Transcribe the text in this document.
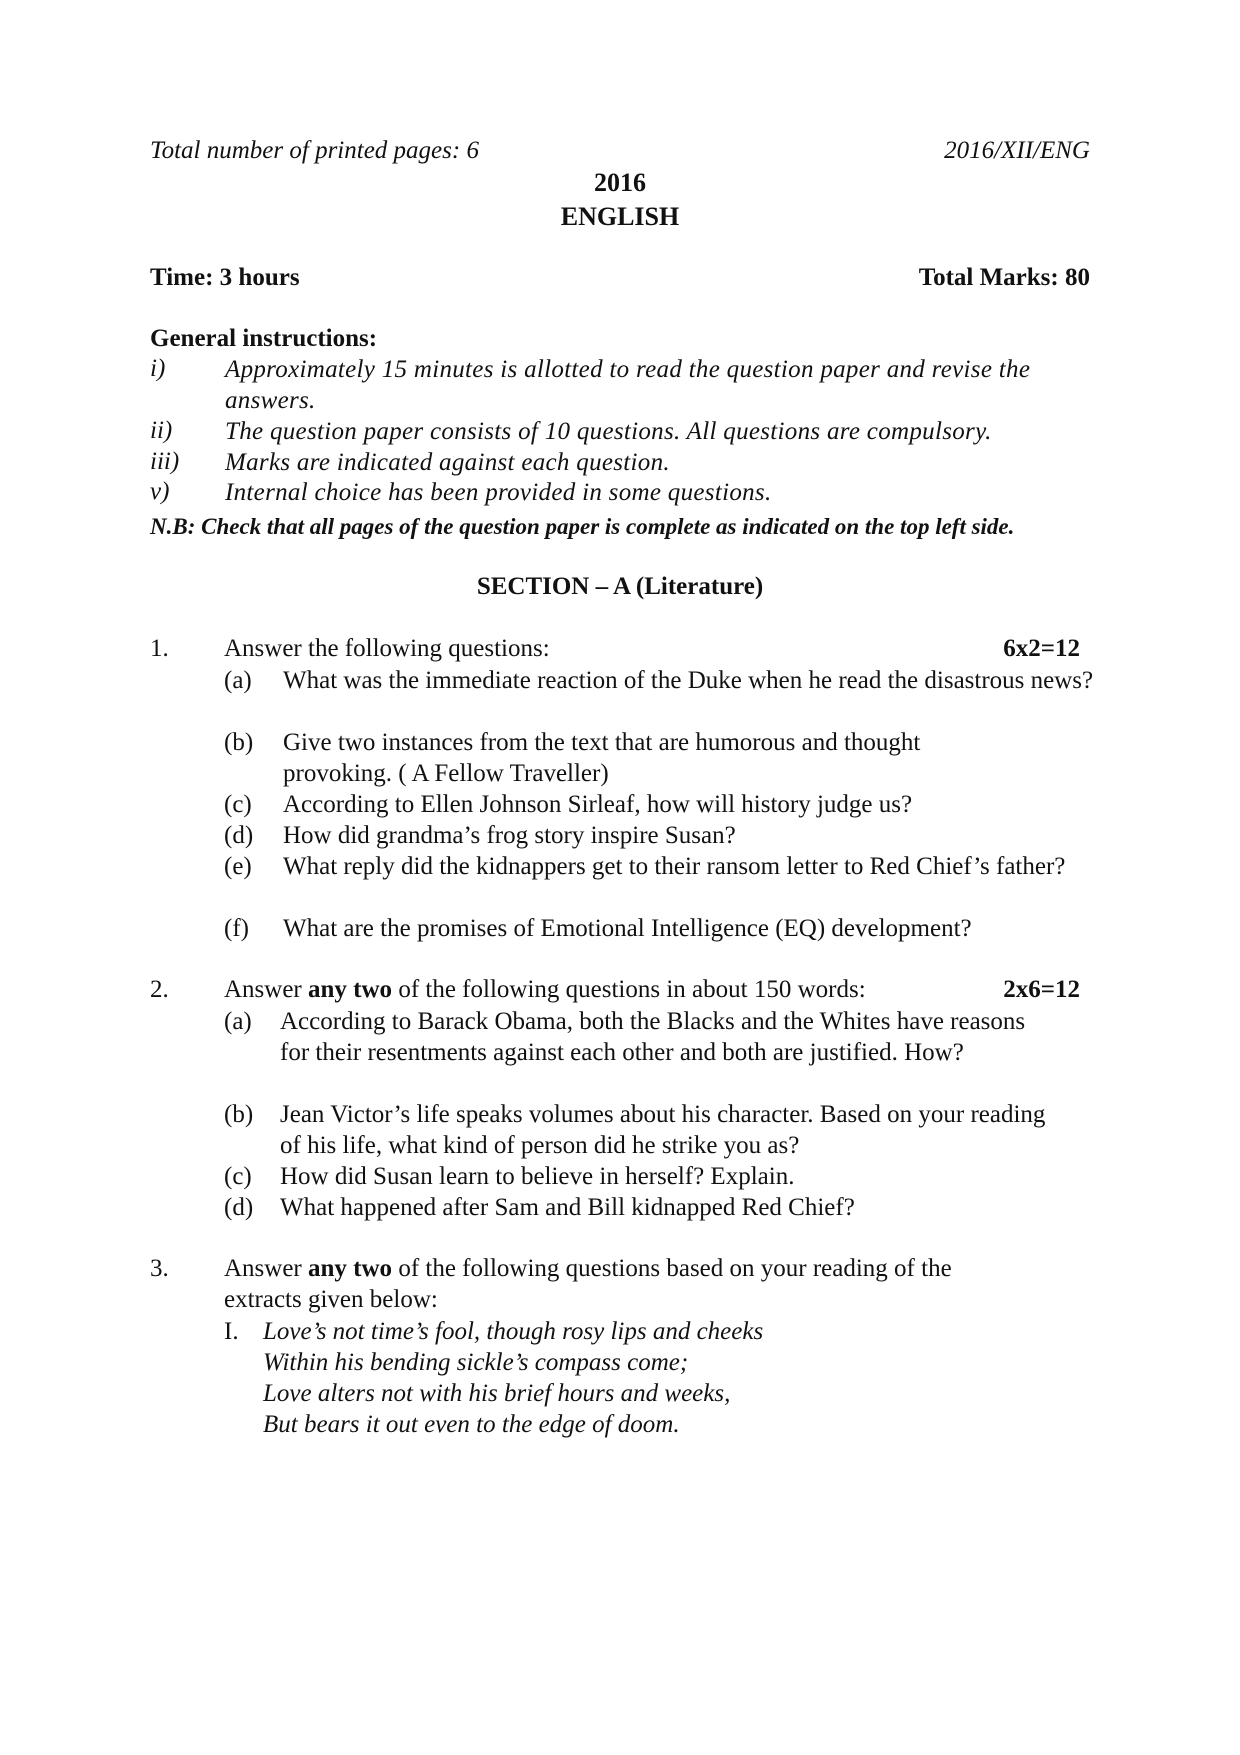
Total number of printed pages: 6	2016/XII/ENG
2016
ENGLISH
Time: 3 hours	Total Marks: 80
General instructions:
i) Approximately 15 minutes is allotted to read the question paper and revise the answers.
ii) The question paper consists of 10 questions. All questions are compulsory.
iii) Marks are indicated against each question.
v) Internal choice has been provided in some questions.
N.B: Check that all pages of the question paper is complete as indicated on the top left side.
SECTION – A (Literature)
1. Answer the following questions:	6x2=12
(a) What was the immediate reaction of the Duke when he read the disastrous news?
(b) Give two instances from the text that are humorous and thought provoking. ( A Fellow Traveller)
(c) According to Ellen Johnson Sirleaf, how will history judge us?
(d) How did grandma’s frog story inspire Susan?
(e) What reply did the kidnappers get to their ransom letter to Red Chief’s father?
(f) What are the promises of Emotional Intelligence (EQ) development?
2. Answer any two of the following questions in about 150 words:	2x6=12
(a) According to Barack Obama, both the Blacks and the Whites have reasons for their resentments against each other and both are justified. How?
(b) Jean Victor’s life speaks volumes about his character. Based on your reading of his life, what kind of person did he strike you as?
(c) How did Susan learn to believe in herself? Explain.
(d) What happened after Sam and Bill kidnapped Red Chief?
3. Answer any two of the following questions based on your reading of the
extracts given below:
I. Love’s not time’s fool, though rosy lips and cheeks
Within his bending sickle’s compass come;
Love alters not with his brief hours and weeks,
But bears it out even to the edge of doom.
